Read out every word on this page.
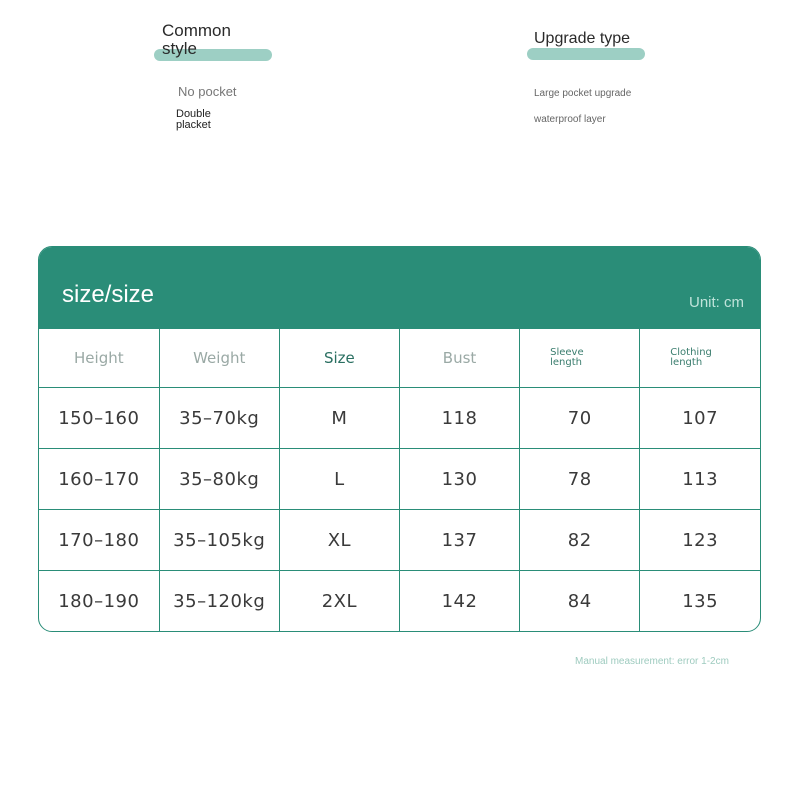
Common style
No pocket
Double placket
Upgrade type
Large pocket upgrade
waterproof layer
size/size	Unit: cm
Height	Weight	Size	Bust	Sleeve length	Clothing length
150–160	35–70kg	M	118	70	107
160–170	35–80kg	L	130	78	113
170–180	35–105kg	XL	137	82	123
180–190	35–120kg	2XL	142	84	135
Manual measurement: error 1-2cm
